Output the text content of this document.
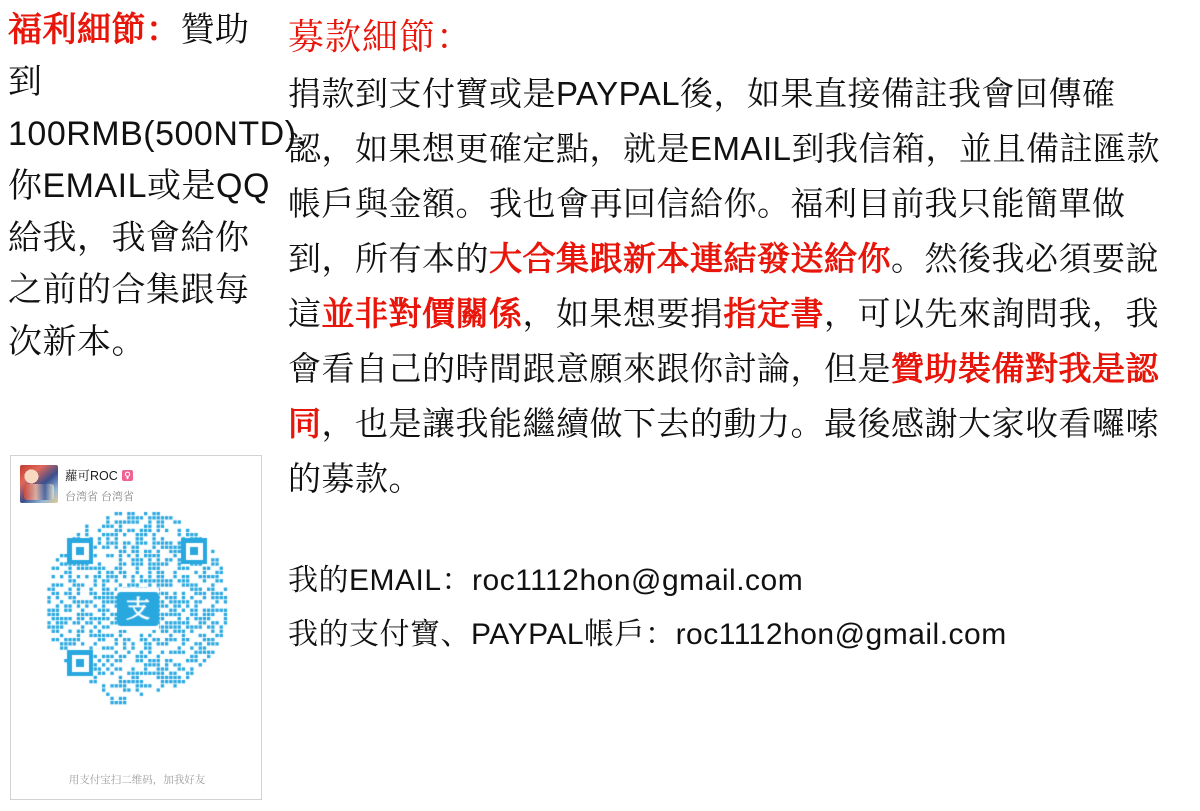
福利細節：贊助到100RMB(500NTD)，你EMAIL或是QQ給我，我會給你之前的合集跟每次新本。
蘿可ROC
台湾省 台湾省
用支付宝扫二维码，加我好友
募款細節：
捐款到支付寶或是PAYPAL後，如果直接備註我會回傳確認，如果想更確定點，就是EMAIL到我信箱，並且備註匯款帳戶與金額。我也會再回信給你。福利目前我只能簡單做到，所有本的大合集跟新本連結發送給你。然後我必須要說這並非對價關係，如果想要捐指定書，可以先來詢問我，我會看自己的時間跟意願來跟你討論，但是贊助裝備對我是認同，也是讓我能繼續做下去的動力。最後感謝大家收看囉嗦的募款。
我的EMAIL：roc1112hon@gmail.com
我的支付寶、PAYPAL帳戶：roc1112hon@gmail.com
